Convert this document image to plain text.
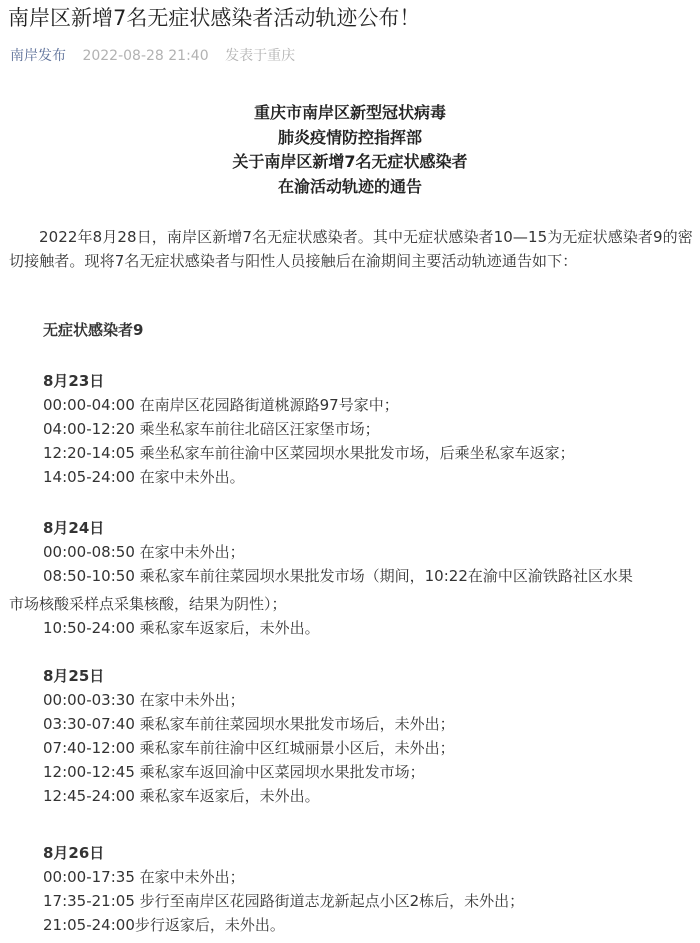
南岸区新增7名无症状感染者活动轨迹公布！
南岸发布 2022-08-28 21:40 发表于重庆
重庆市南岸区新型冠状病毒
肺炎疫情防控指挥部
关于南岸区新增7名无症状感染者
在渝活动轨迹的通告

2022年8月28日，南岸区新增7名无症状感染者。其中无症状感染者10—15为无症状感染者9的密切接触者。现将7名无症状感染者与阳性人员接触后在渝期间主要活动轨迹通告如下：

无症状感染者9
8月23日
00:00-04:00 在南岸区花园路街道桃源路97号家中；
04:00-12:20 乘坐私家车前往北碚区汪家堡市场；
12:20-14:05 乘坐私家车前往渝中区菜园坝水果批发市场，后乘坐私家车返家；
14:05-24:00 在家中未外出。
8月24日
00:00-08:50 在家中未外出；
08:50-10:50 乘私家车前往菜园坝水果批发市场（期间，10:22在渝中区渝铁路社区水果
市场核酸采样点采集核酸，结果为阴性）；
10:50-24:00 乘私家车返家后，未外出。
8月25日
00:00-03:30 在家中未外出；
03:30-07:40 乘私家车前往菜园坝水果批发市场后，未外出；
07:40-12:00 乘私家车前往渝中区红城丽景小区后，未外出；
12:00-12:45 乘私家车返回渝中区菜园坝水果批发市场；
12:45-24:00 乘私家车返家后，未外出。
8月26日
00:00-17:35 在家中未外出；
17:35-21:05 步行至南岸区花园路街道志龙新起点小区2栋后，未外出；
21:05-24:00步行返家后，未外出。
